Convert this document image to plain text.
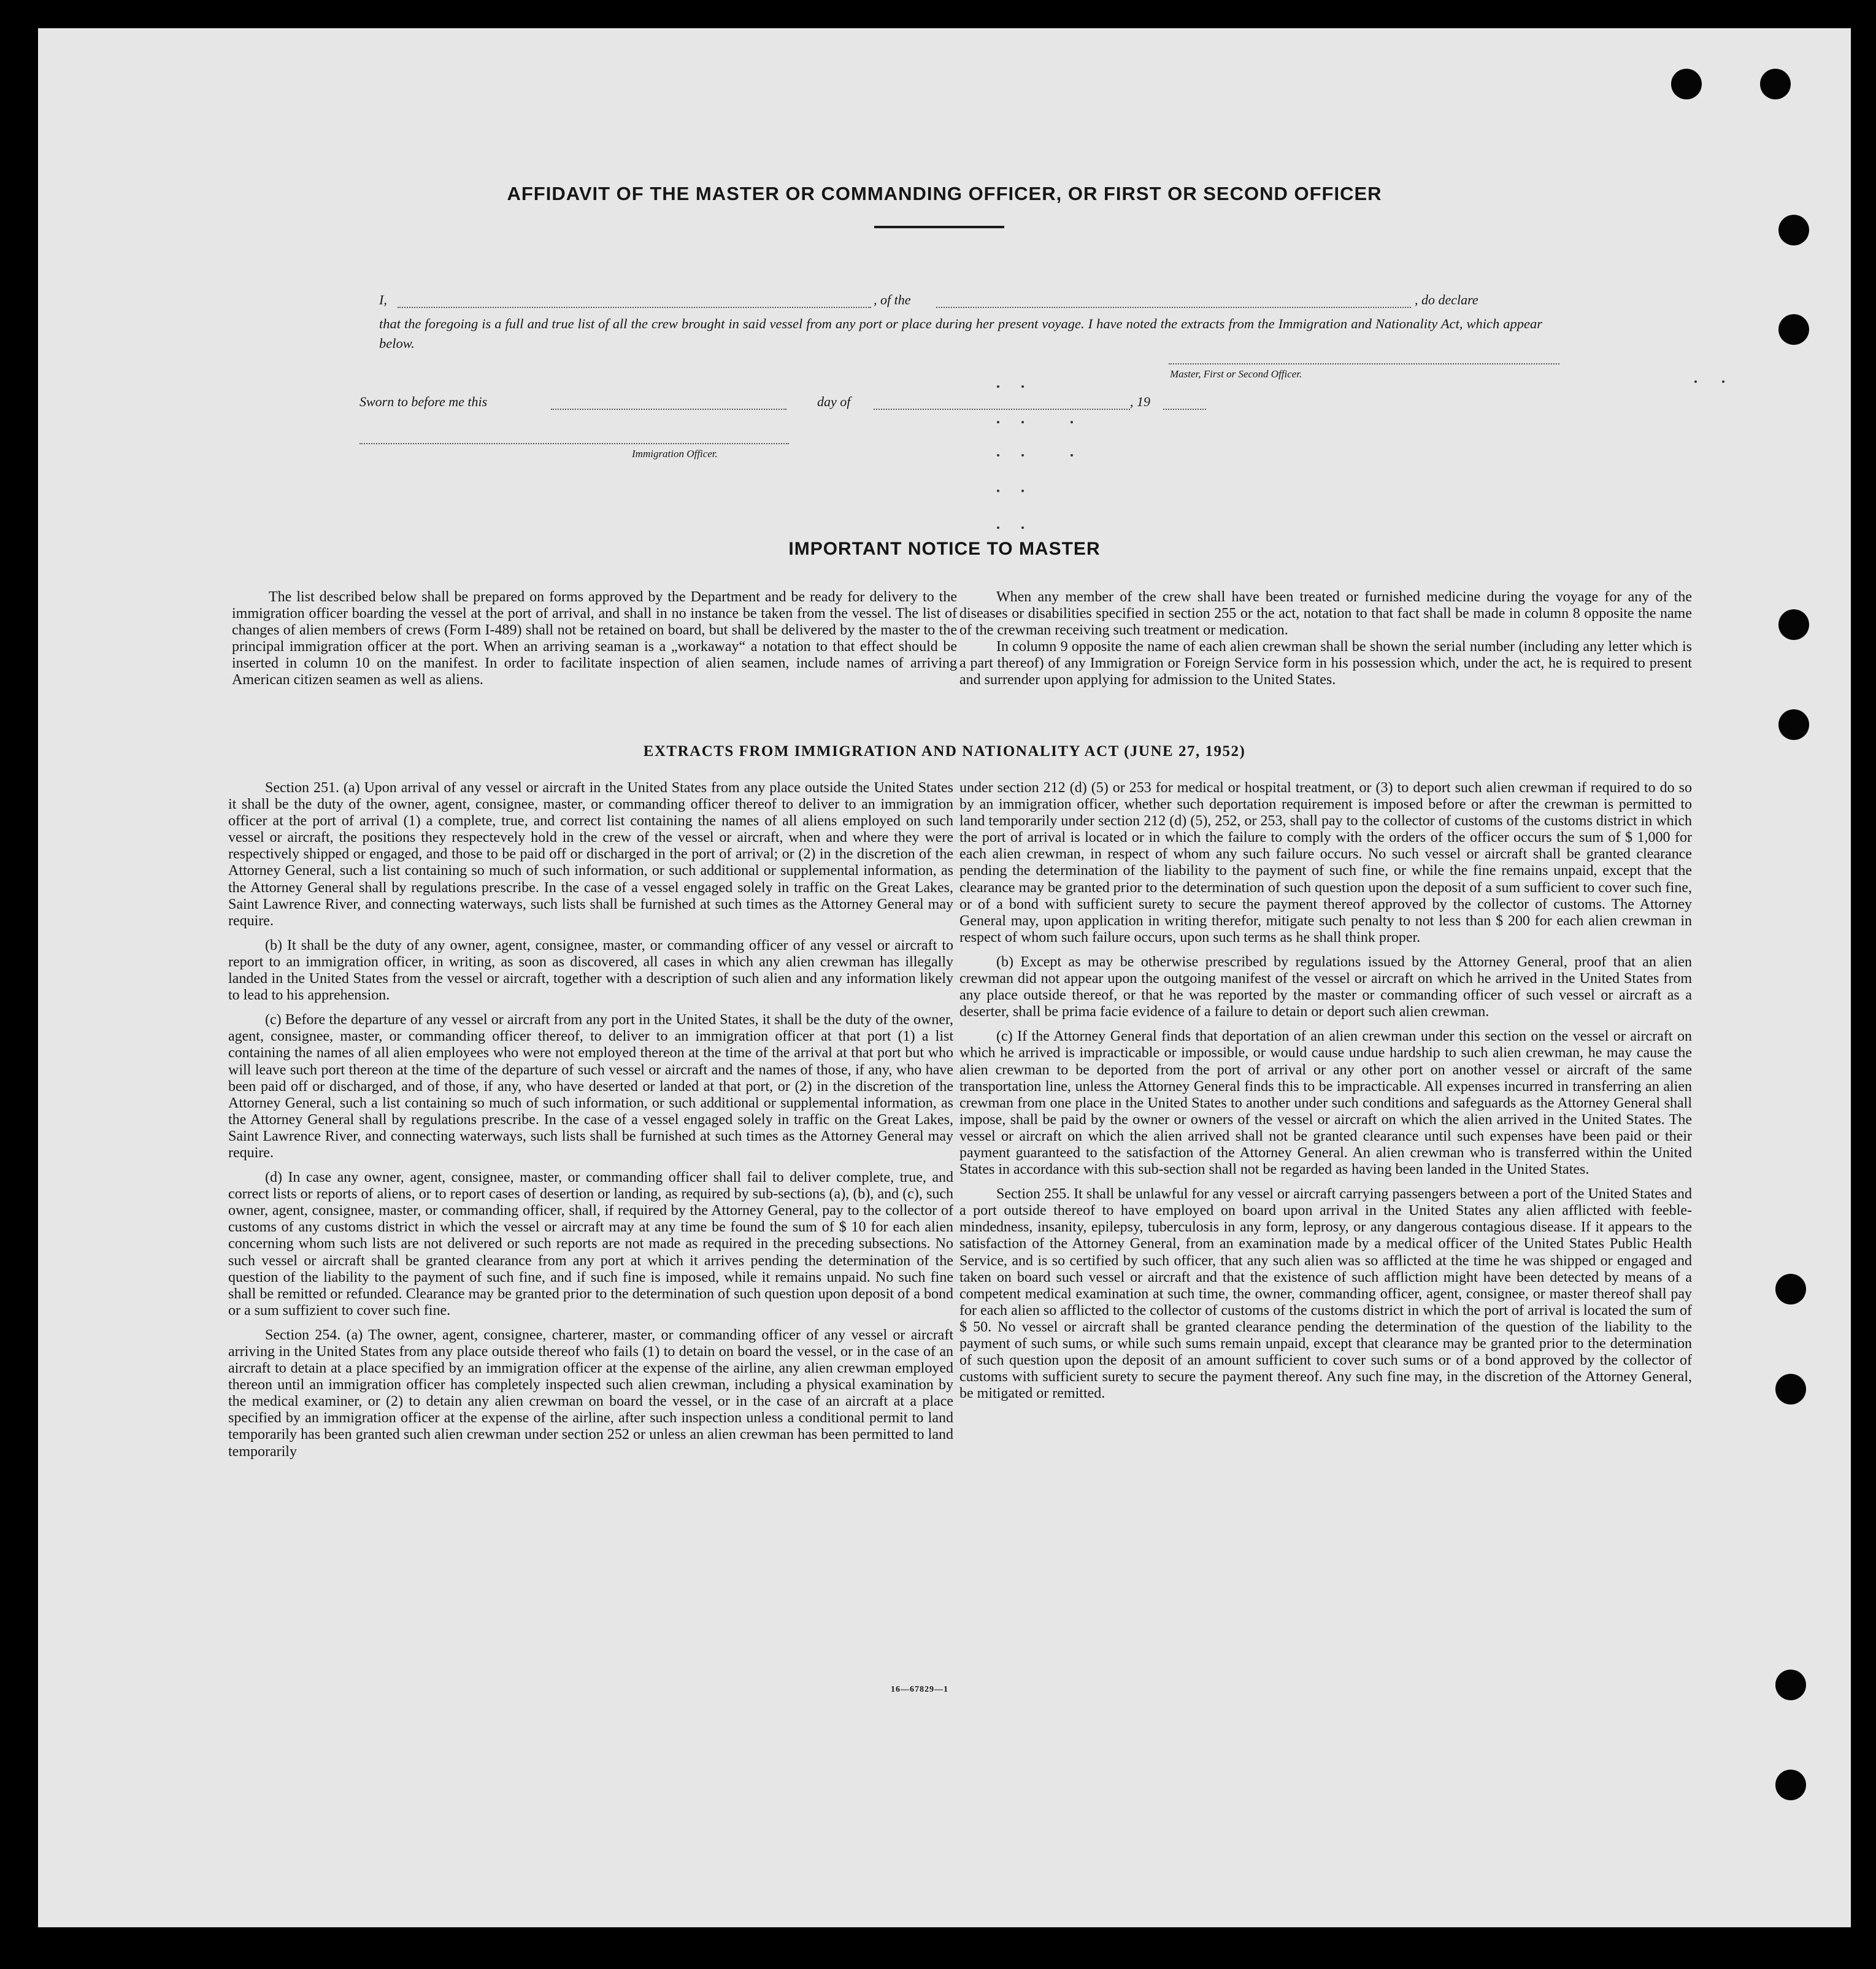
AFFIDAVIT OF THE MASTER OR COMMANDING OFFICER, OR FIRST OR SECOND OFFICER
I,	, of the	, do declare
that the foregoing is a full and true list of all the crew brought in said vessel from any port or place during her present voyage. I have noted the extracts from the Immigration and Nationality Act, which appear below.
Master, First or Second Officer.
Sworn to before me this	day of	, 19
Immigration Officer.
IMPORTANT NOTICE TO MASTER

The list described below shall be prepared on forms approved by the Department and be ready for delivery to the immigration officer boarding the vessel at the port of arrival, and shall in no instance be taken from the vessel. The list of changes of alien members of crews (Form I-489) shall not be retained on board, but shall be delivered by the master to the principal immigration officer at the port. When an arriving seaman is a „workaway“ a notation to that effect should be inserted in column 10 on the manifest. In order to facilitate inspection of alien seamen, include names of arriving American citizen seamen as well as aliens.

When any member of the crew shall have been treated or furnished medicine during the voyage for any of the diseases or disabilities specified in section 255 or the act, notation to that fact shall be made in column 8 opposite the name of the crewman receiving such treatment or medication.

In column 9 opposite the name of each alien crewman shall be shown the serial number (including any letter which is a part thereof) of any Immigration or Foreign Service form in his possession which, under the act, he is required to present and surrender upon applying for admission to the United States.

EXTRACTS FROM IMMIGRATION AND NATIONALITY ACT (JUNE 27, 1952)

Section 251. (a) Upon arrival of any vessel or aircraft in the United States from any place outside the United States it shall be the duty of the owner, agent, consignee, master, or commanding officer thereof to deliver to an immigration officer at the port of arrival (1) a complete, true, and correct list containing the names of all aliens employed on such vessel or aircraft, the positions they respectevely hold in the crew of the vessel or aircraft, when and where they were respectively shipped or engaged, and those to be paid off or discharged in the port of arrival; or (2) in the discretion of the Attorney General, such a list containing so much of such information, or such additional or supplemental information, as the Attorney General shall by regulations prescribe. In the case of a vessel engaged solely in traffic on the Great Lakes, Saint Lawrence River, and connecting waterways, such lists shall be furnished at such times as the Attorney General may require.

(b) It shall be the duty of any owner, agent, consignee, master, or commanding officer of any vessel or aircraft to report to an immigration officer, in writing, as soon as discovered, all cases in which any alien crewman has illegally landed in the United States from the vessel or aircraft, together with a description of such alien and any information likely to lead to his apprehension.

(c) Before the departure of any vessel or aircraft from any port in the United States, it shall be the duty of the owner, agent, consignee, master, or commanding officer thereof, to deliver to an immigration officer at that port (1) a list containing the names of all alien employees who were not employed thereon at the time of the arrival at that port but who will leave such port thereon at the time of the departure of such vessel or aircraft and the names of those, if any, who have been paid off or discharged, and of those, if any, who have deserted or landed at that port, or (2) in the discretion of the Attorney General, such a list containing so much of such information, or such additional or supplemental information, as the Attorney General shall by regulations prescribe. In the case of a vessel engaged solely in traffic on the Great Lakes, Saint Lawrence River, and connecting waterways, such lists shall be furnished at such times as the Attorney General may require.

(d) In case any owner, agent, consignee, master, or commanding officer shall fail to deliver complete, true, and correct lists or reports of aliens, or to report cases of desertion or landing, as required by sub-sections (a), (b), and (c), such owner, agent, consignee, master, or commanding officer, shall, if required by the Attorney General, pay to the collector of customs of any customs district in which the vessel or aircraft may at any time be found the sum of $ 10 for each alien concerning whom such lists are not delivered or such reports are not made as required in the preceding subsections. No such vessel or aircraft shall be granted clearance from any port at which it arrives pending the determination of the question of the liability to the payment of such fine, and if such fine is imposed, while it remains unpaid. No such fine shall be remitted or refunded. Clearance may be granted prior to the determination of such question upon deposit of a bond or a sum suffizient to cover such fine.

Section 254. (a) The owner, agent, consignee, charterer, master, or commanding officer of any vessel or aircraft arriving in the United States from any place outside thereof who fails (1) to detain on board the vessel, or in the case of an aircraft to detain at a place specified by an immigration officer at the expense of the airline, any alien crewman employed thereon until an immigration officer has completely inspected such alien crewman, including a physical examination by the medical examiner, or (2) to detain any alien crewman on board the vessel, or in the case of an aircraft at a place specified by an immigration officer at the expense of the airline, after such inspection unless a conditional permit to land temporarily has been granted such alien crewman under section 252 or unless an alien crewman has been permitted to land temporarily

under section 212 (d) (5) or 253 for medical or hospital treatment, or (3) to deport such alien crewman if required to do so by an immigration officer, whether such deportation requirement is imposed before or after the crewman is permitted to land temporarily under section 212 (d) (5), 252, or 253, shall pay to the collector of customs of the customs district in which the port of arrival is located or in which the failure to comply with the orders of the officer occurs the sum of $ 1,000 for each alien crewman, in respect of whom any such failure occurs. No such vessel or aircraft shall be granted clearance pending the determination of the liability to the payment of such fine, or while the fine remains unpaid, except that the clearance may be granted prior to the determination of such question upon the deposit of a sum sufficient to cover such fine, or of a bond with sufficient surety to secure the payment thereof approved by the collector of customs. The Attorney General may, upon application in writing therefor, mitigate such penalty to not less than $ 200 for each alien crewman in respect of whom such failure occurs, upon such terms as he shall think proper.

(b) Except as may be otherwise prescribed by regulations issued by the Attorney General, proof that an alien crewman did not appear upon the outgoing manifest of the vessel or aircraft on which he arrived in the United States from any place outside thereof, or that he was reported by the master or commanding officer of such vessel or aircraft as a deserter, shall be prima facie evidence of a failure to detain or deport such alien crewman.

(c) If the Attorney General finds that deportation of an alien crewman under this section on the vessel or aircraft on which he arrived is impracticable or impossible, or would cause undue hardship to such alien crewman, he may cause the alien crewman to be deported from the port of arrival or any other port on another vessel or aircraft of the same transportation line, unless the Attorney General finds this to be impracticable. All expenses incurred in transferring an alien crewman from one place in the United States to another under such conditions and safeguards as the Attorney General shall impose, shall be paid by the owner or owners of the vessel or aircraft on which the alien arrived in the United States. The vessel or aircraft on which the alien arrived shall not be granted clearance until such expenses have been paid or their payment guaranteed to the satisfaction of the Attorney General. An alien crewman who is transferred within the United States in accordance with this sub-section shall not be regarded as having been landed in the United States.

Section 255. It shall be unlawful for any vessel or aircraft carrying passengers between a port of the United States and a port outside thereof to have employed on board upon arrival in the United States any alien afflicted with feeble-mindedness, insanity, epilepsy, tuberculosis in any form, leprosy, or any dangerous contagious disease. If it appears to the satisfaction of the Attorney General, from an examination made by a medical officer of the United States Public Health Service, and is so certified by such officer, that any such alien was so afflicted at the time he was shipped or engaged and taken on board such vessel or aircraft and that the existence of such affliction might have been detected by means of a competent medical examination at such time, the owner, commanding officer, agent, consignee, or master thereof shall pay for each alien so afflicted to the collector of customs of the customs district in which the port of arrival is located the sum of $ 50. No vessel or aircraft shall be granted clearance pending the determination of the question of the liability to the payment of such sums, or while such sums remain unpaid, except that clearance may be granted prior to the determination of such question upon the deposit of an amount sufficient to cover such sums or of a bond approved by the collector of customs with sufficient surety to secure the payment thereof. Any such fine may, in the discretion of the Attorney General, be mitigated or remitted.

16—67829—1
